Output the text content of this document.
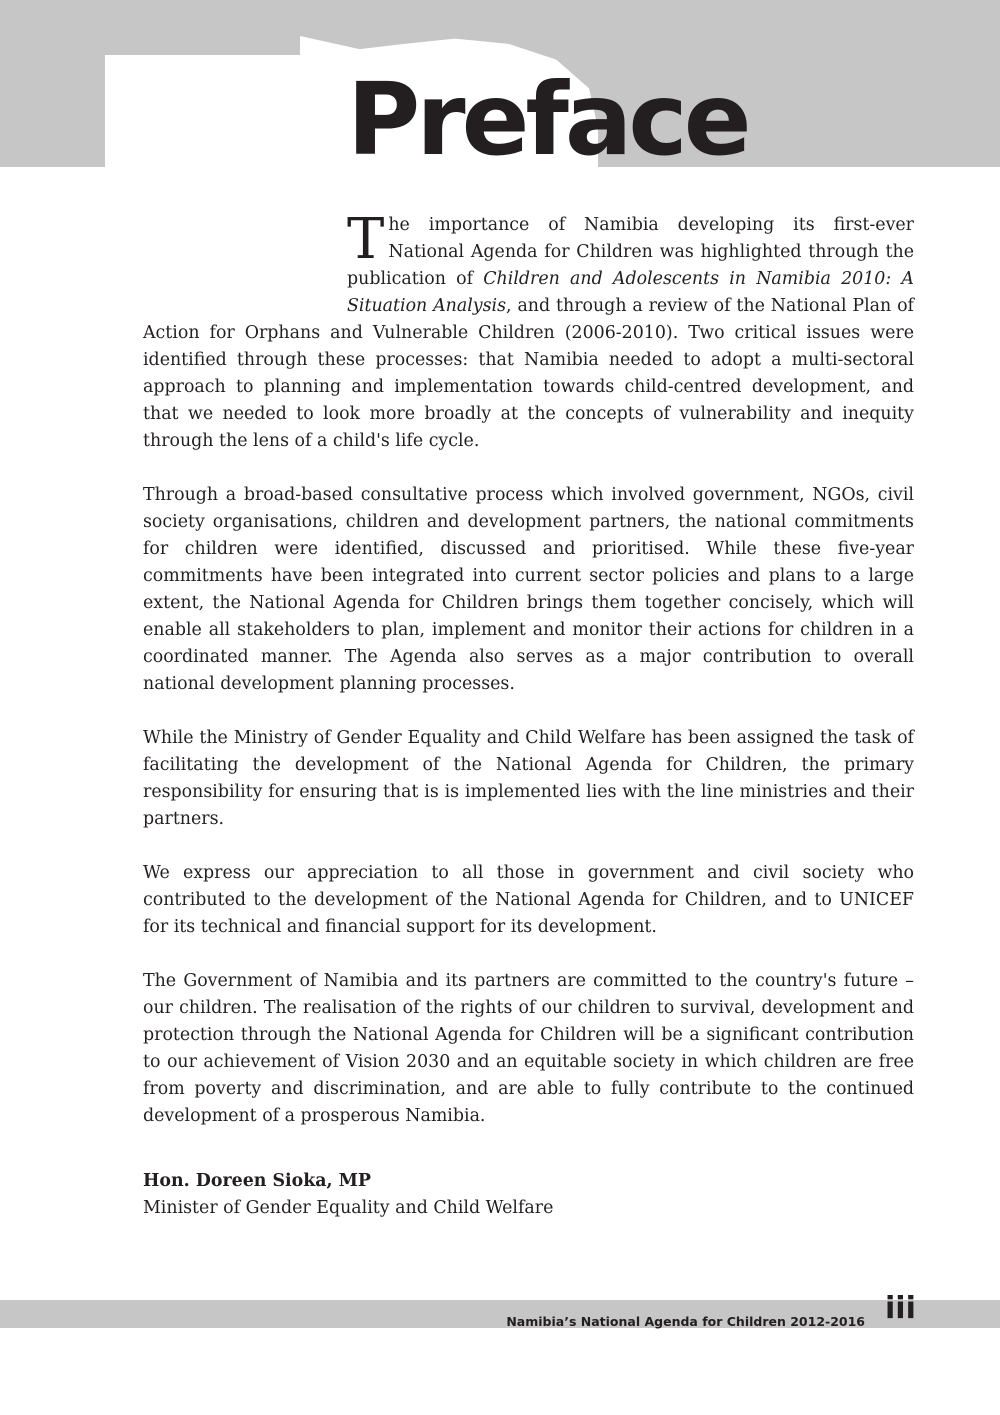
Preface

The importance of Namibia developing its first-ever National Agenda for Children was highlighted through the publication of Children and Adolescents in Namibia 2010: A Situation Analysis, and through a review of the National Plan of Action for Orphans and Vulnerable Children (2006-2010). Two critical issues were identified through these processes: that Namibia needed to adopt a multi-sectoral approach to planning and implementation towards child-centred development, and that we needed to look more broadly at the concepts of vulnerability and inequity through the lens of a child's life cycle.

Through a broad-based consultative process which involved government, NGOs, civil society organisations, children and development partners, the national commitments for children were identified, discussed and prioritised. While these five-year commitments have been integrated into current sector policies and plans to a large extent, the National Agenda for Children brings them together concisely, which will enable all stakeholders to plan, implement and monitor their actions for children in a coordinated manner. The Agenda also serves as a major contribution to overall national development planning processes.

While the Ministry of Gender Equality and Child Welfare has been assigned the task of facilitating the development of the National Agenda for Children, the primary responsibility for ensuring that is is implemented lies with the line ministries and their partners.

We express our appreciation to all those in government and civil society who contributed to the development of the National Agenda for Children, and to UNICEF for its technical and financial support for its development.

The Government of Namibia and its partners are committed to the country's future – our children. The realisation of the rights of our children to survival, development and protection through the National Agenda for Children will be a significant contribution to our achievement of Vision 2030 and an equitable society in which children are free from poverty and discrimination, and are able to fully contribute to the continued development of a prosperous Namibia.

Hon. Doreen Sioka, MP

Minister of Gender Equality and Child Welfare

Namibia’s National Agenda for Children 2012-2016 iii
